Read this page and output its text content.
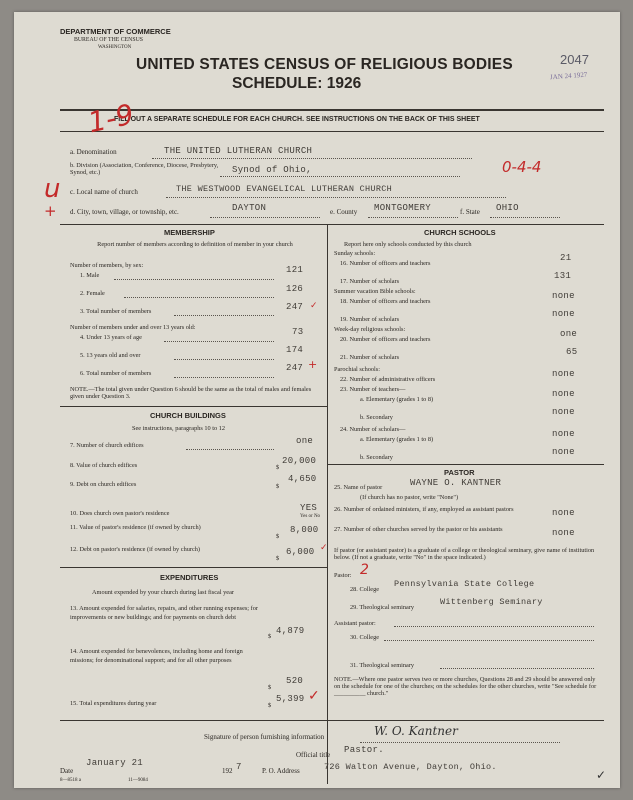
DEPARTMENT OF COMMERCE
BUREAU OF THE CENSUS
WASHINGTON
UNITED STATES CENSUS OF RELIGIOUS BODIES
SCHEDULE: 1926
2047
JAN 24 1927
FILL OUT A SEPARATE SCHEDULE FOR EACH CHURCH. SEE INSTRUCTIONS ON THE BACK OF THIS SHEET
1-9
a. Denomination	THE UNITED LUTHERAN CHURCH
b. Division (Association, Conference, Diocese, Presbytery, Synod, etc.)	Synod of Ohio,	0-4-4
c. Local name of church	THE WESTWOOD EVANGELICAL LUTHERAN CHURCH
u
+ d. City, town, village, or township, etc.	DAYTON	e. County MONTGOMERY	f. State OHIO
MEMBERSHIP
Report number of members according to definition of member in your church
Number of members, by sex:
1. Male
121
2. Female	126
3. Total number of members	247 ✓
Number of members under and over 13 years old:
4. Under 13 years of age
73
5. 13 years old and over
174
6. Total number of members
247 +
NOTE.—The total given under Question 6 should be the same as the total of males and females given under Question 3.
CHURCH BUILDINGS
See instructions, paragraphs 10 to 12
7. Number of church edifices	one
8. Value of church edifices	$
20,000
9. Debt on church edifices	$
4,650
10. Does church own pastor's residence
YES
Yes or No
11. Value of pastor's residence (if owned by church)
$
8,000
12. Debt on pastor's residence (if owned by church)
$
6,000 ✓
EXPENDITURES
Amount expended by your church during last fiscal year
13. Amount expended for salaries, repairs, and other running expenses; for improvements or new buildings; and for payments on church debt
$
4,879
14. Amount expended for benevolences, including home and foreign missions; for denominational support; and for all other purposes
$
520
15. Total expenditures during year	$
5,399 ✓
CHURCH SCHOOLS
Report here only schools conducted by this church
Sunday schools:
16. Number of officers and teachers
21
17. Number of scholars
131
Summer vacation Bible schools:
18. Number of officers and teachers
none
19. Number of scholars
none
Week-day religious schools:
20. Number of officers and teachers
one
21. Number of scholars
65
Parochial schools:
22. Number of administrative officers
none
23. Number of teachers—
a. Elementary (grades 1 to 8)
none
b. Secondary
none
24. Number of scholars—
a. Elementary (grades 1 to 8)
none
b. Secondary
none
PASTOR
25. Name of pastor	WAYNE O. KANTNER
(If church has no pastor, write "None")
26. Number of ordained ministers, if any, employed as assistant pastors	none
27. Number of other churches served by the pastor or his assistants	none
If pastor (or assistant pastor) is a graduate of a college or theological seminary, give name of institution below. (If not a graduate, write "No" in the space indicated.)
Pastor: 2
28. College
Pennsylvania State College
29. Theological seminary
Wittenberg Seminary
Assistant pastor:
30. College
31. Theological seminary
NOTE.—Where one pastor serves two or more churches, Questions 28 and 29 should be answered only on the schedule for one of the churches; on the schedules for the other churches, write "See schedule for __________ church."
Signature of person furnishing information	W. O. Kantner
Official title Pastor.
Date
January 21
192 7	P. O. Address	726 Walton Avenue, Dayton, Ohio.
8—8518 a	11—9084	✓
